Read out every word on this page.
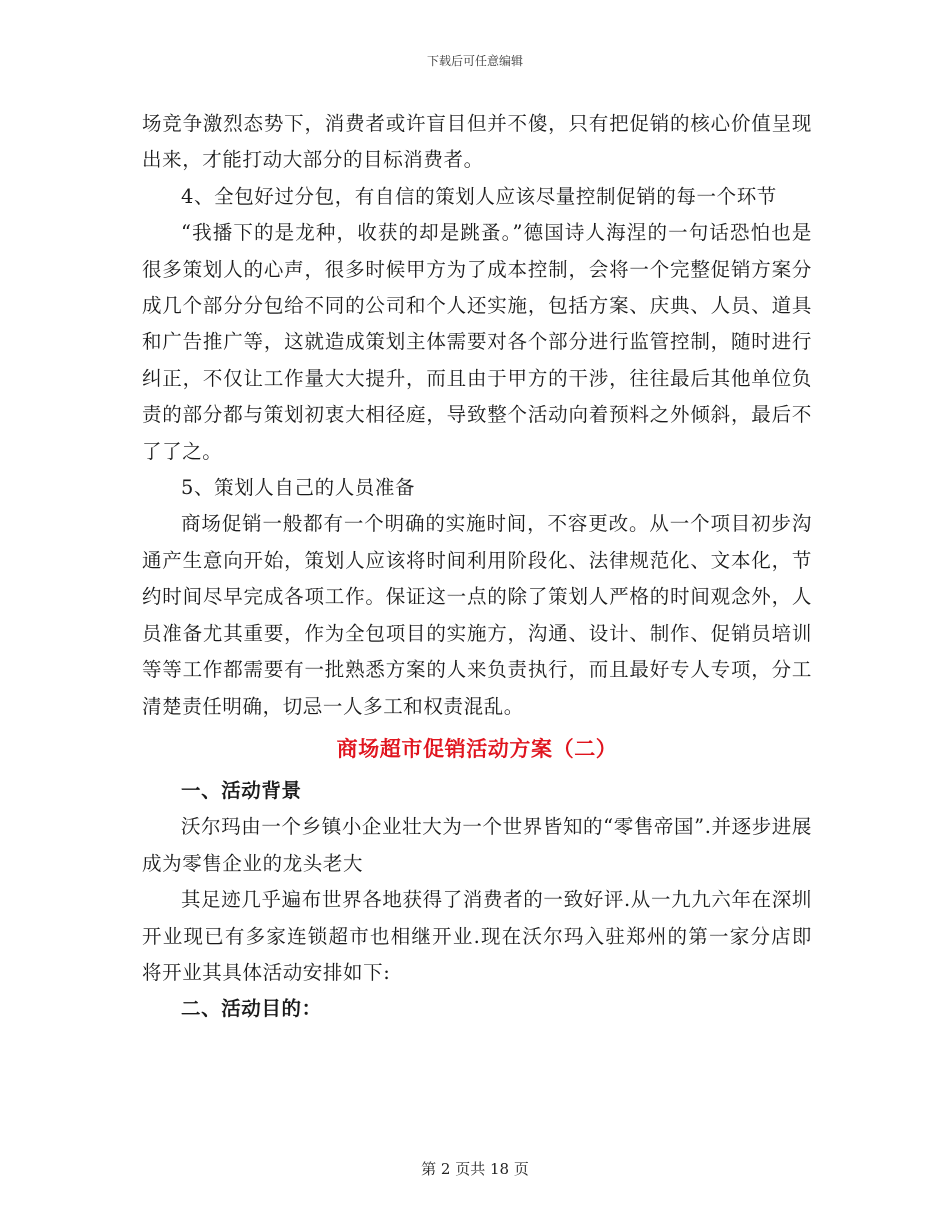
下载后可任意编辑

场竞争激烈态势下，消费者或许盲目但并不傻，只有把促销的核心价值呈现出来，才能打动大部分的目标消费者。

4、全包好过分包，有自信的策划人应该尽量控制促销的每一个环节

“我播下的是龙种，收获的却是跳蚤。”德国诗人海涅的一句话恐怕也是很多策划人的心声，很多时候甲方为了成本控制，会将一个完整促销方案分成几个部分分包给不同的公司和个人还实施，包括方案、庆典、人员、道具和广告推广等，这就造成策划主体需要对各个部分进行监管控制，随时进行纠正，不仅让工作量大大提升，而且由于甲方的干涉，往往最后其他单位负责的部分都与策划初衷大相径庭，导致整个活动向着预料之外倾斜，最后不了了之。

5、策划人自己的人员准备

商场促销一般都有一个明确的实施时间，不容更改。从一个项目初步沟通产生意向开始，策划人应该将时间利用阶段化、法律规范化、文本化，节约时间尽早完成各项工作。保证这一点的除了策划人严格的时间观念外，人员准备尤其重要，作为全包项目的实施方，沟通、设计、制作、促销员培训等等工作都需要有一批熟悉方案的人来负责执行，而且最好专人专项，分工清楚责任明确，切忌一人多工和权责混乱。

商场超市促销活动方案（二）

一、活动背景

沃尔玛由一个乡镇小企业壮大为一个世界皆知的“零售帝国”.并逐步进展成为零售企业的龙头老大

其足迹几乎遍布世界各地获得了消费者的一致好评.从一九九六年在深圳开业现已有多家连锁超市也相继开业.现在沃尔玛入驻郑州的第一家分店即将开业其具体活动安排如下:

二、活动目的：

第 2 页共 18 页
